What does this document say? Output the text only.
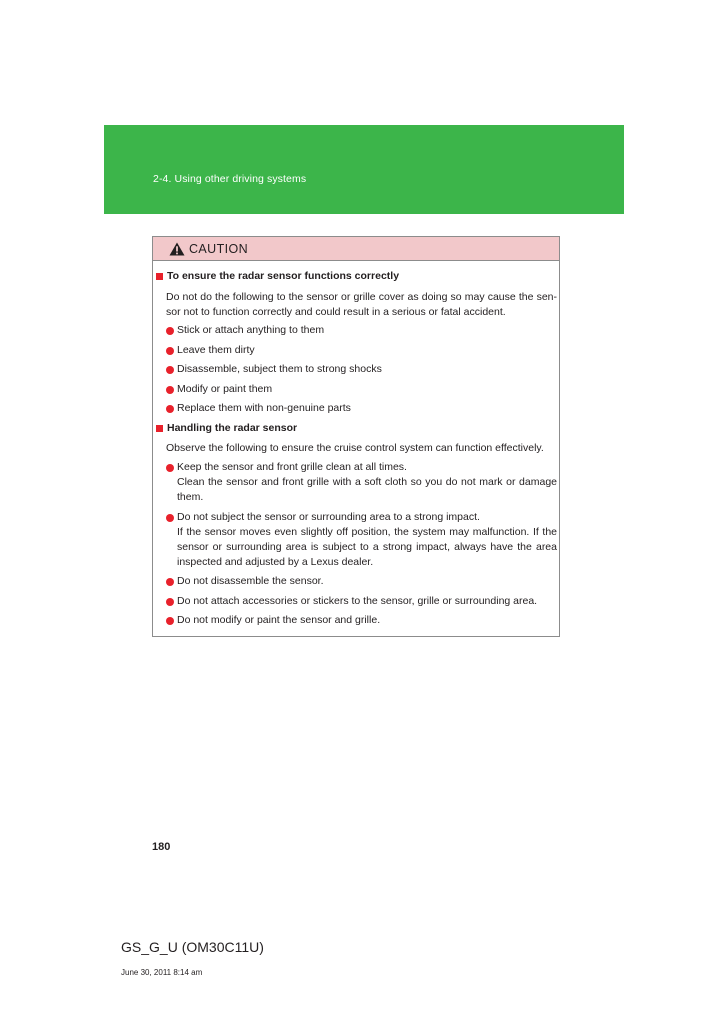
2-4. Using other driving systems
CAUTION
To ensure the radar sensor functions correctly
Do not do the following to the sensor or grille cover as doing so may cause the sen-sor not to function correctly and could result in a serious or fatal accident.
Stick or attach anything to them
Leave them dirty
Disassemble, subject them to strong shocks
Modify or paint them
Replace them with non-genuine parts
Handling the radar sensor
Observe the following to ensure the cruise control system can function effectively.
Keep the sensor and front grille clean at all times.
Clean the sensor and front grille with a soft cloth so you do not mark or damage them.
Do not subject the sensor or surrounding area to a strong impact.
If the sensor moves even slightly off position, the system may malfunction. If the sensor or surrounding area is subject to a strong impact, always have the area inspected and adjusted by a Lexus dealer.
Do not disassemble the sensor.
Do not attach accessories or stickers to the sensor, grille or surrounding area.
Do not modify or paint the sensor and grille.
180
GS_G_U (OM30C11U)
June 30, 2011 8:14 am
